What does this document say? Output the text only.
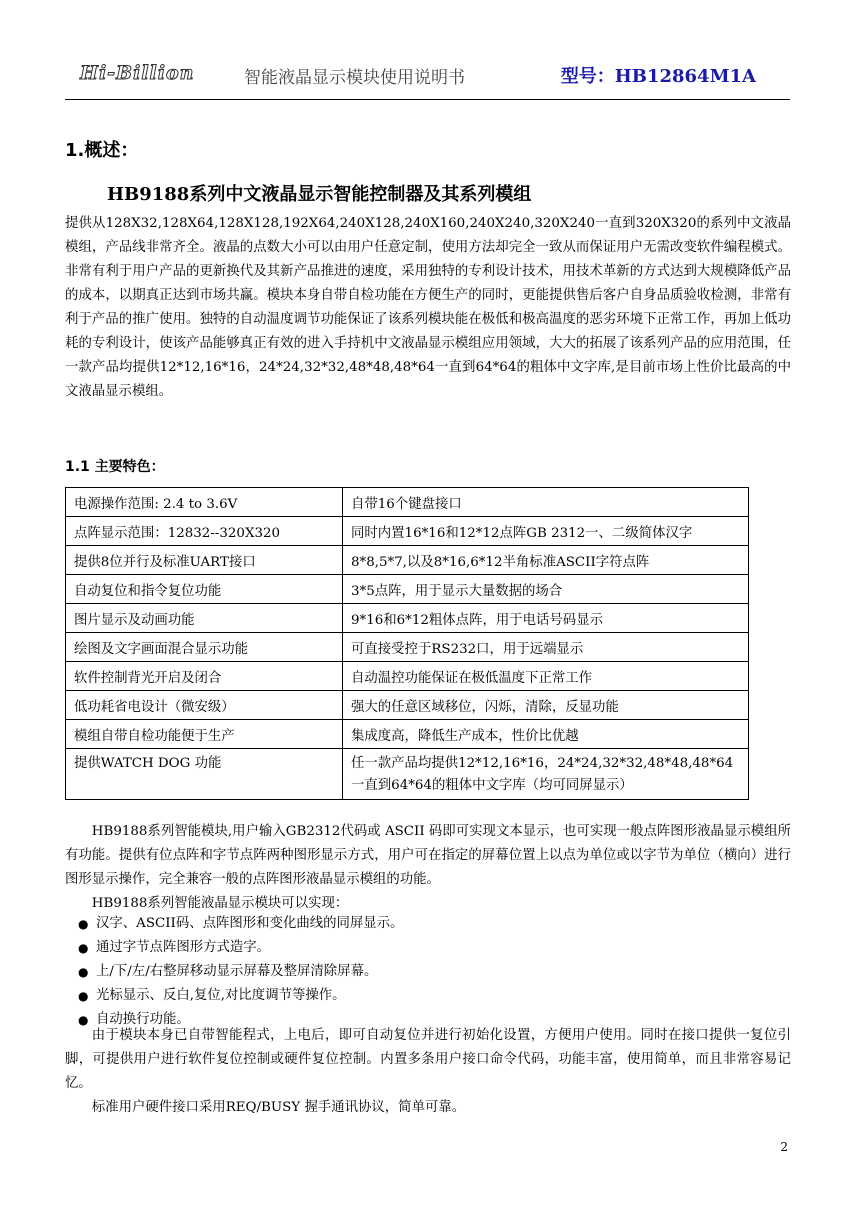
Hi-Billion	智能液晶显示模块使用说明书	型号：HB12864M1A
1.概述：
HB9188系列中文液晶显示智能控制器及其系列模组
提供从128X32,128X64,128X128,192X64,240X128,240X160,240X240,320X240一直到320X320的系列中文液晶模组，产品线非常齐全。液晶的点数大小可以由用户任意定制，使用方法却完全一致从而保证用户无需改变软件编程模式。非常有利于用户产品的更新换代及其新产品推进的速度，采用独特的专利设计技术，用技术革新的方式达到大规模降低产品的成本，以期真正达到市场共赢。模块本身自带自检功能在方便生产的同时，更能提供售后客户自身品质验收检测，非常有利于产品的推广使用。独特的自动温度调节功能保证了该系列模块能在极低和极高温度的恶劣环境下正常工作，再加上低功耗的专利设计，使该产品能够真正有效的进入手持机中文液晶显示模组应用领域，大大的拓展了该系列产品的应用范围，任一款产品均提供12*12,16*16，24*24,32*32,48*48,48*64一直到64*64的粗体中文字库,是目前市场上性价比最高的中文液晶显示模组。
1.1 主要特色：
电源操作范围: 2.4 to 3.6V	自带16个键盘接口
点阵显示范围：12832--320X320	同时内置16*16和12*12点阵GB 2312一、二级简体汉字
提供8位并行及标准UART接口	8*8,5*7,以及8*16,6*12半角标准ASCII字符点阵
自动复位和指令复位功能	3*5点阵，用于显示大量数据的场合
图片显示及动画功能	9*16和6*12粗体点阵，用于电话号码显示
绘图及文字画面混合显示功能	可直接受控于RS232口，用于远端显示
软件控制背光开启及闭合	自动温控功能保证在极低温度下正常工作
低功耗省电设计（微安级）	强大的任意区域移位，闪烁，清除，反显功能
模组自带自检功能便于生产	集成度高，降低生产成本，性价比优越
提供WATCH DOG 功能	任一款产品均提供12*12,16*16，24*24,32*32,48*48,48*64一直到64*64的粗体中文字库（均可同屏显示）
HB9188系列智能模块,用户输入GB2312代码或 ASCII 码即可实现文本显示，也可实现一般点阵图形液晶显示模组所有功能。提供有位点阵和字节点阵两种图形显示方式，用户可在指定的屏幕位置上以点为单位或以字节为单位（横向）进行图形显示操作，完全兼容一般的点阵图形液晶显示模组的功能。
HB9188系列智能液晶显示模块可以实现：
● 汉字、ASCII码、点阵图形和变化曲线的同屏显示。
● 通过字节点阵图形方式造字。
● 上/下/左/右整屏移动显示屏幕及整屏清除屏幕。
● 光标显示、反白,复位,对比度调节等操作。
● 自动换行功能。
由于模块本身已自带智能程式，上电后，即可自动复位并进行初始化设置，方便用户使用。同时在接口提供一复位引脚，可提供用户进行软件复位控制或硬件复位控制。内置多条用户接口命令代码，功能丰富，使用简单，而且非常容易记忆。
标准用户硬件接口采用REQ/BUSY 握手通讯协议，简单可靠。
2
